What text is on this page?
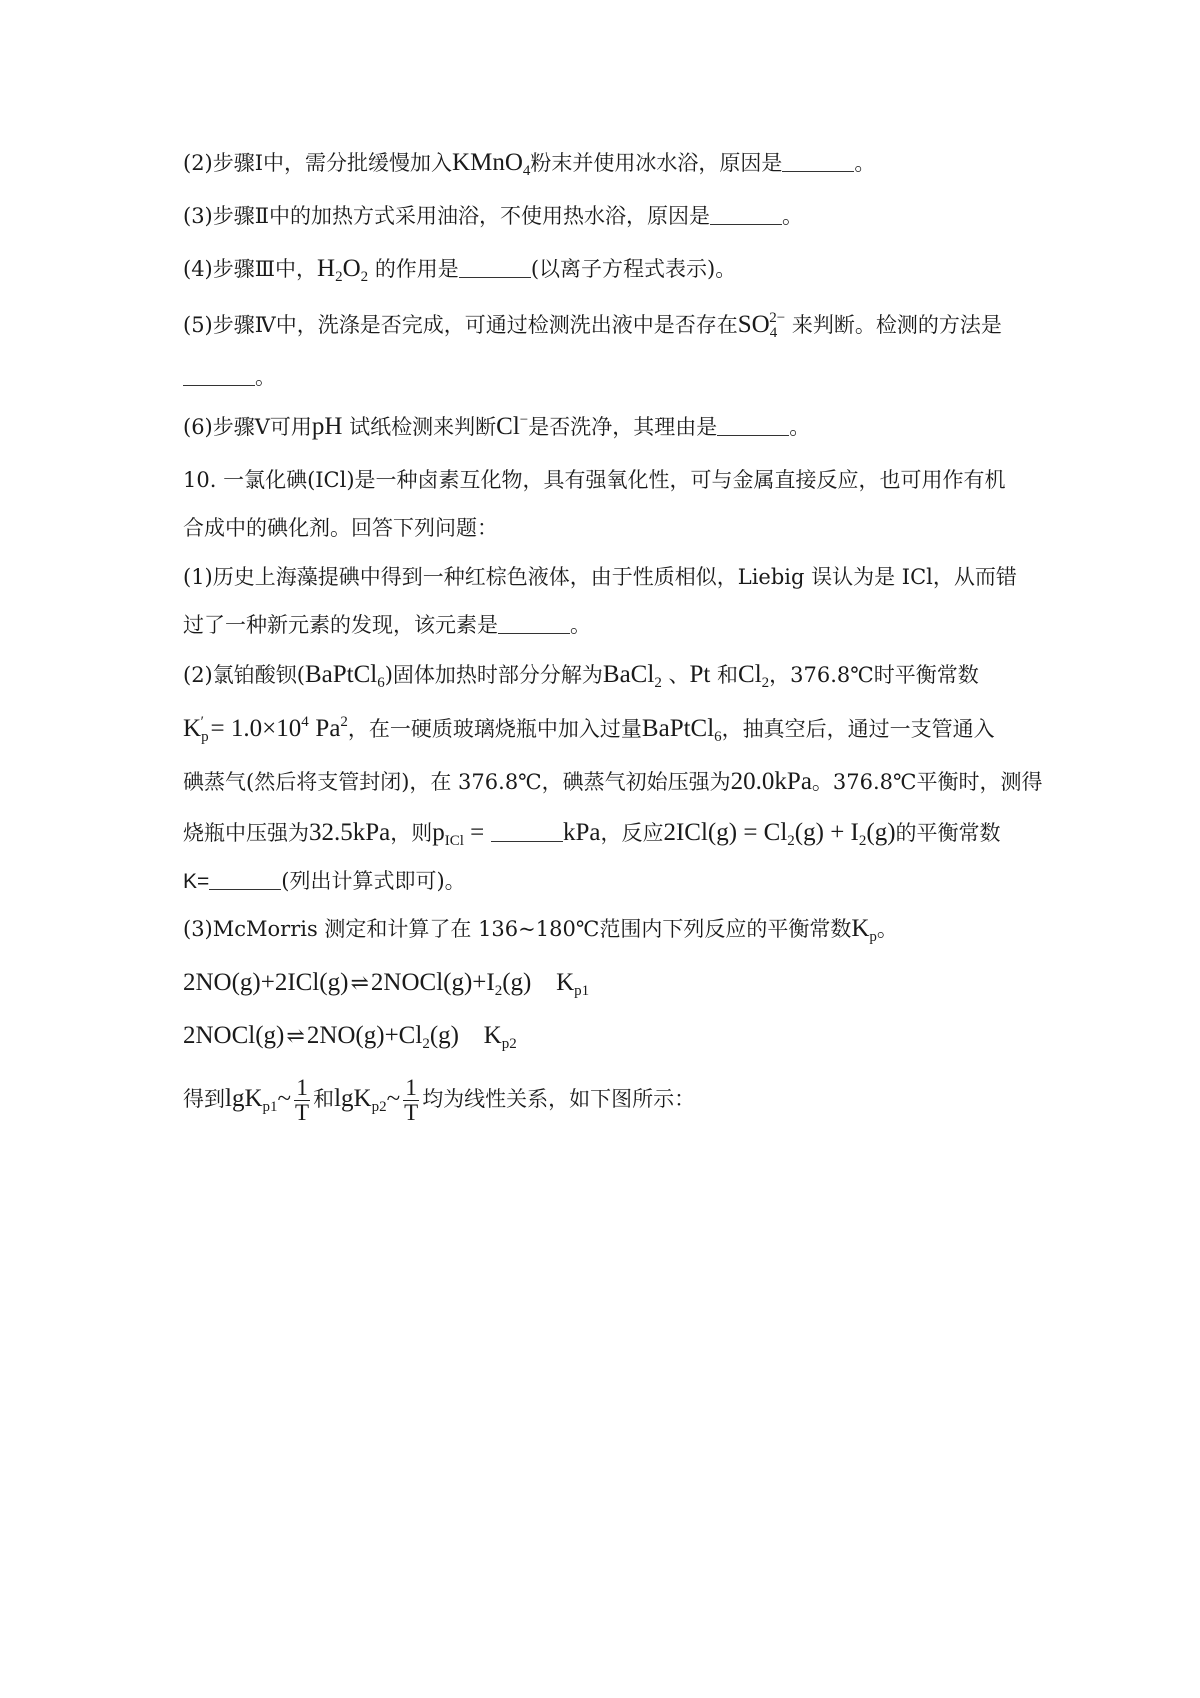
(2)步骤Ⅰ中，需分批缓慢加入KMnO$_4$粉末并使用冰水浴，原因是	。
(3)步骤Ⅱ中的加热方式采用油浴，不使用热水浴，原因是	。
(4)步骤Ⅲ中，$H_2O_2$ 的作用是	(以离子方程式表示)。
(5)步骤Ⅳ中，洗涤是否完成，可通过检测洗出液中是否存在$SO_4^{2-}$ 来判断。检测的方法是
。
(6)步骤Ⅴ可用pH 试纸检测来判断Cl−是否洗净，其理由是	。
10. 一氯化碘(ICl)是一种卤素互化物，具有强氧化性，可与金属直接反应，也可用作有机
合成中的碘化剂。回答下列问题：
(1)历史上海藻提碘中得到一种红棕色液体，由于性质相似，Liebig 误认为是 ICl，从而错
过了一种新元素的发现，该元素是	。
(2)氯铂酸钡(BaPtCl$_6$)固体加热时部分分解为BaCl$_2$ 、Pt 和$Cl_2$，376.8℃时平衡常数
$K_p' = 1.0\times 10^4$ Pa$^2$，在一硬质玻璃烧瓶中加入过量BaPtCl$_6$，抽真空后，通过一支管通入
碘蒸气(然后将支管封闭)，在 376.8℃，碘蒸气初始压强为20.0kPa。376.8℃平衡时，测得
烧瓶中压强为32.5kPa，则$p_{ICl}$ =	kPa，反应$2ICl(g) = Cl_2(g) + I_2(g)$的平衡常数
K=	(列出计算式即可)。
(3)McMorris 测定和计算了在 136~180℃范围内下列反应的平衡常数$K_p$。
$2NO(g)+2ICl(g)\rightleftharpoons 2NOCl(g)+I_2(g)$ $K_{p1}$
$2NOCl(g)\rightleftharpoons 2NO(g)+Cl_2(g)$ $K_{p2}$
得到lgK$_{p1}$~ $\frac{1}{T}$ 和lgK$_{p2}$~ $\frac{1}{T}$ 均为线性关系，如下图所示：
